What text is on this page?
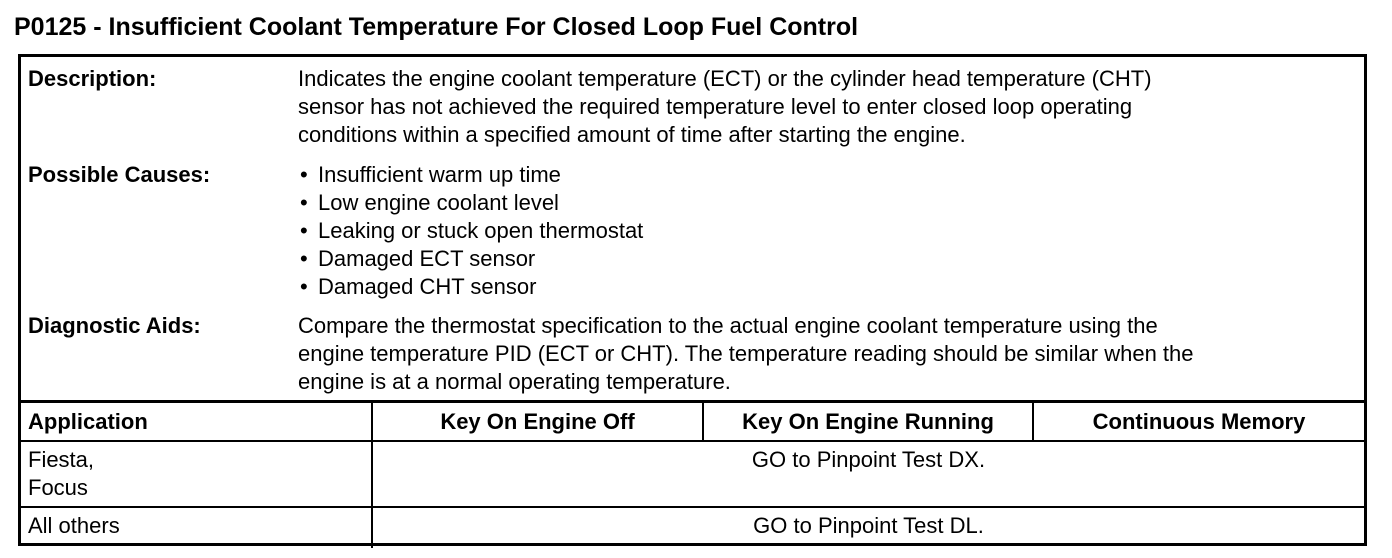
P0125 - Insufficient Coolant Temperature For Closed Loop Fuel Control
Description:	Indicates the engine coolant temperature (ECT) or the cylinder head temperature (CHT)
sensor has not achieved the required temperature level to enter closed loop operating
conditions within a specified amount of time after starting the engine.
Possible Causes:	• Insufficient warm up time
• Low engine coolant level
• Leaking or stuck open thermostat
• Damaged ECT sensor
• Damaged CHT sensor
Diagnostic Aids:	Compare the thermostat specification to the actual engine coolant temperature using the
engine temperature PID (ECT or CHT). The temperature reading should be similar when the
engine is at a normal operating temperature.
Application	Key On Engine Off	Key On Engine Running	Continuous Memory

Fiesta,
Focus	GO to Pinpoint Test DX.		

All others	GO to Pinpoint Test DL.		
